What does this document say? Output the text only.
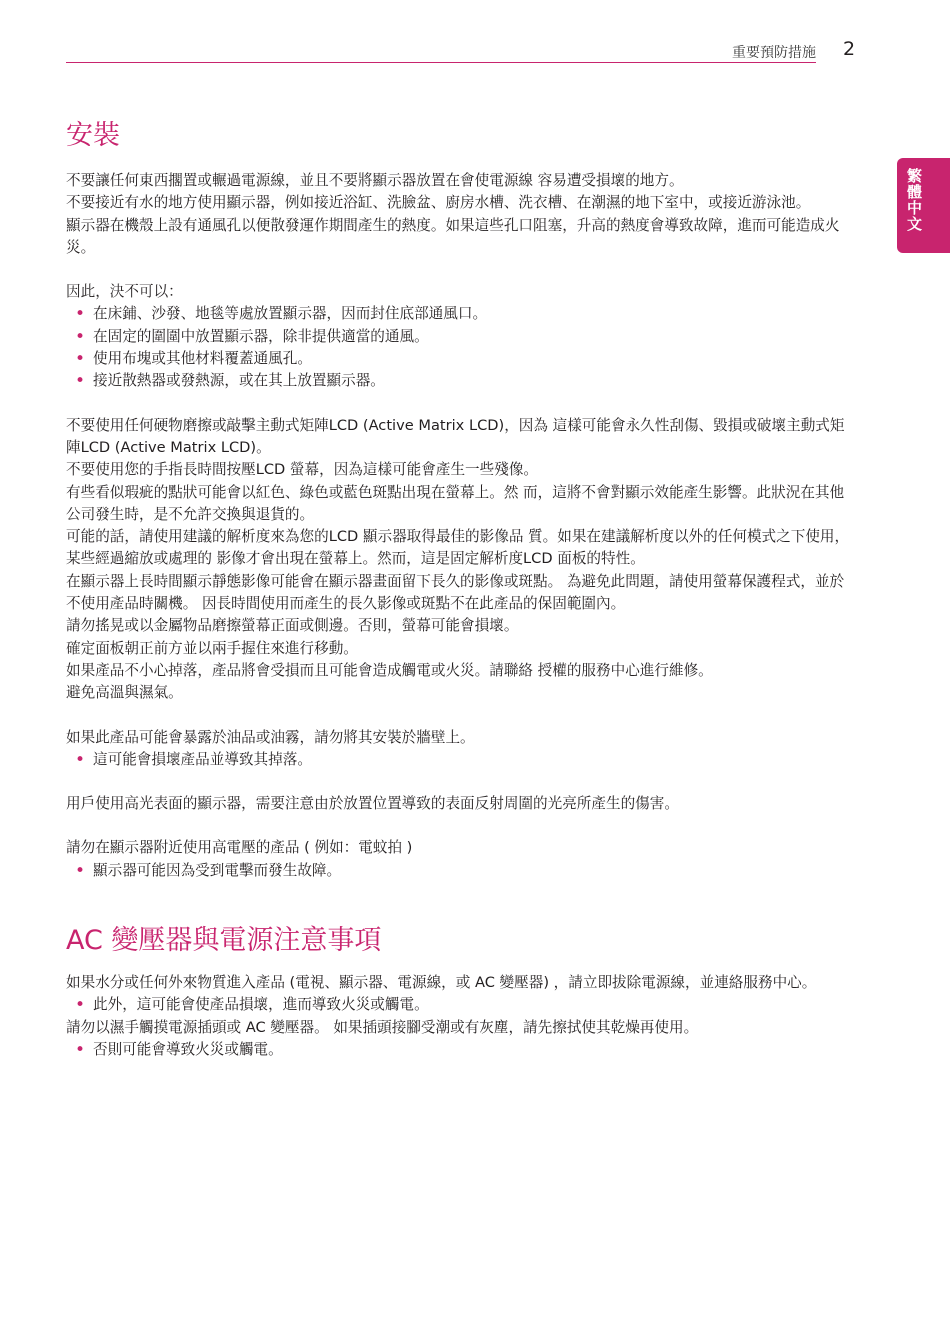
重要預防措施 2
繁體中文
安裝

不要讓任何東西擱置或輾過電源線，並且不要將顯示器放置在會使電源線 容易遭受損壞的地方。

不要接近有水的地方使用顯示器，例如接近浴缸、洗臉盆、廚房水槽、洗衣槽、在潮濕的地下室中，或接近游泳池。

顯示器在機殼上設有通風孔以便散發運作期間產生的熱度。如果這些孔口阻塞，升高的熱度會導致故障，進而可能造成火災。

因此，決不可以：

• 在床鋪、沙發、地毯等處放置顯示器，因而封住底部通風口。
• 在固定的圍圍中放置顯示器，除非提供適當的通風。
• 使用布塊或其他材料覆蓋通風孔。
• 接近散熱器或發熱源，或在其上放置顯示器。

不要使用任何硬物磨擦或敲擊主動式矩陣LCD (Active Matrix LCD)，因為 這樣可能會永久性刮傷、毀損或破壞主動式矩陣LCD (Active Matrix LCD)。

不要使用您的手指長時間按壓LCD 螢幕，因為這樣可能會產生一些殘像。

有些看似瑕疵的點狀可能會以紅色、綠色或藍色斑點出現在螢幕上。然 而，這將不會對顯示效能產生影響。此狀況在其他公司發生時，是不允許交換與退貨的。

可能的話，請使用建議的解析度來為您的LCD 顯示器取得最佳的影像品 質。如果在建議解析度以外的任何模式之下使用，某些經過縮放或處理的 影像才會出現在螢幕上。然而，這是固定解析度LCD 面板的特性。

在顯示器上長時間顯示靜態影像可能會在顯示器畫面留下長久的影像或斑點。 為避免此問題，請使用螢幕保護程式，並於不使用產品時關機。 因長時間使用而產生的長久影像或斑點不在此產品的保固範圍內。

請勿搖晃或以金屬物品磨擦螢幕正面或側邊。否則，螢幕可能會損壞。

確定面板朝正前方並以兩手握住來進行移動。

如果產品不小心掉落，產品將會受損而且可能會造成觸電或火災。請聯絡 授權的服務中心進行維修。

避免高溫與濕氣。

如果此產品可能會暴露於油品或油霧，請勿將其安裝於牆壁上。

• 這可能會損壞產品並導致其掉落。

用戶使用高光表面的顯示器，需要注意由於放置位置導致的表面反射周圍的光亮所產生的傷害。

請勿在顯示器附近使用高電壓的產品 ( 例如：電蚊拍 )

• 顯示器可能因為受到電擊而發生故障。
AC 變壓器與電源注意事項

如果水分或任何外來物質進入產品 (電視、顯示器、電源線，或 AC 變壓器) ，請立即拔除電源線，並連絡服務中心。

• 此外，這可能會使產品損壞，進而導致火災或觸電。

請勿以濕手觸摸電源插頭或 AC 變壓器。 如果插頭接腳受潮或有灰塵，請先擦拭使其乾燥再使用。

• 否則可能會導致火災或觸電。
